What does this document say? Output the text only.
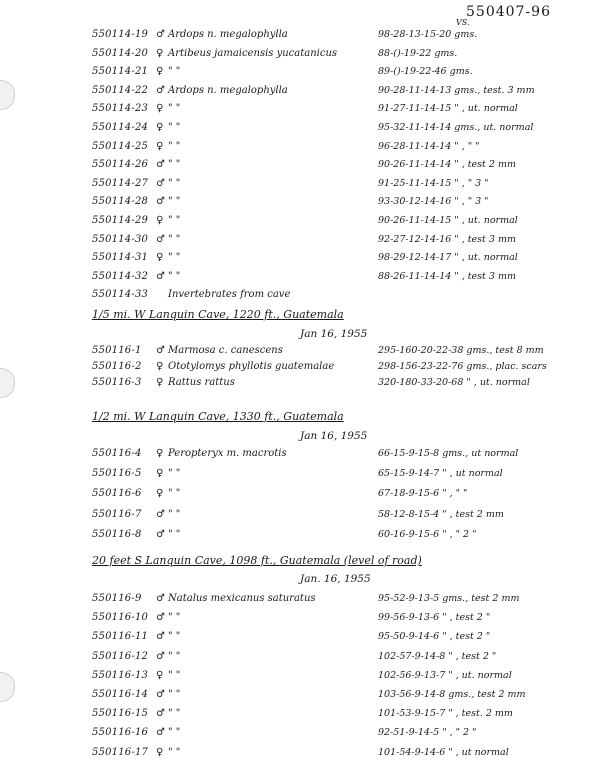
550407-96
VS.
550114-19 ♂ Ardops n. megalophylla	98-28-13-15-20 gms.
550114-20 ♀ Artibeus jamaicensis yucatanicus	88-()-19-22 gms.
550114-21 ♀ " "	89-()-19-22-46 gms.
550114-22 ♂ Ardops n. megalophylla	90-28-11-14-13 gms., test. 3 mm
550114-23 ♀ " "	91-27-11-14-15 " , ut. normal
550114-24 ♀ " "	95-32-11-14-14 gms., ut. normal
550114-25 ♀ " "	96-28-11-14-14 " , " "
550114-26 ♂ " "	90-26-11-14-14 " , test 2 mm
550114-27 ♂ " "	91-25-11-14-15 " , " 3 "
550114-28 ♂ " "	93-30-12-14-16 " , " 3 "
550114-29 ♀ " "	90-26-11-14-15 " , ut. normal
550114-30 ♂ " "	92-27-12-14-16 " , test 3 mm
550114-31 ♀ " "	98-29-12-14-17 " , ut. normal
550114-32 ♂ " "	88-26-11-14-14 " , test 3 mm
550114-33 Invertebrates from cave
1/5 mi. W Lanquin Cave, 1220 ft., Guatemala
Jan 16, 1955
550116-1 ♂ Marmosa c. canescens	295-160-20-22-38 gms., test 8 mm
550116-2 ♀ Ototylomys phyllotis guatemalae	298-156-23-22-76 gms., plac. scars
550116-3 ♀ Rattus rattus	320-180-33-20-68 " , ut. normal
1/2 mi. W Lanquin Cave, 1330 ft., Guatemala
Jan 16, 1955
550116-4 ♀ Peropteryx m. macrotis	66-15-9-15-8 gms., ut normal
550116-5 ♀ " "	65-15-9-14-7 " , ut normal
550116-6 ♀ " "	67-18-9-15-6 " , " "
550116-7 ♂ " "	58-12-8-15-4 " , test 2 mm
550116-8 ♂ " "	60-16-9-15-6 " , " 2 "
20 feet S Lanquin Cave, 1098 ft., Guatemala (level of road)
Jan. 16, 1955
550116-9 ♂ Natalus mexicanus saturatus	95-52-9-13-5 gms., test 2 mm
550116-10 ♂ " "	99-56-9-13-6 " , test 2 "
550116-11 ♂ " "	95-50-9-14-6 " , test 2 "
550116-12 ♂ " "	102-57-9-14-8 " , test 2 "
550116-13 ♀ " "	102-56-9-13-7 " , ut. normal
550116-14 ♂ " "	103-56-9-14-8 gms., test 2 mm
550116-15 ♂ " "	101-53-9-15-7 " , test. 2 mm
550116-16 ♂ " "	92-51-9-14-5 " , " 2 "
550116-17 ♀ " "	101-54-9-14-6 " , ut normal
